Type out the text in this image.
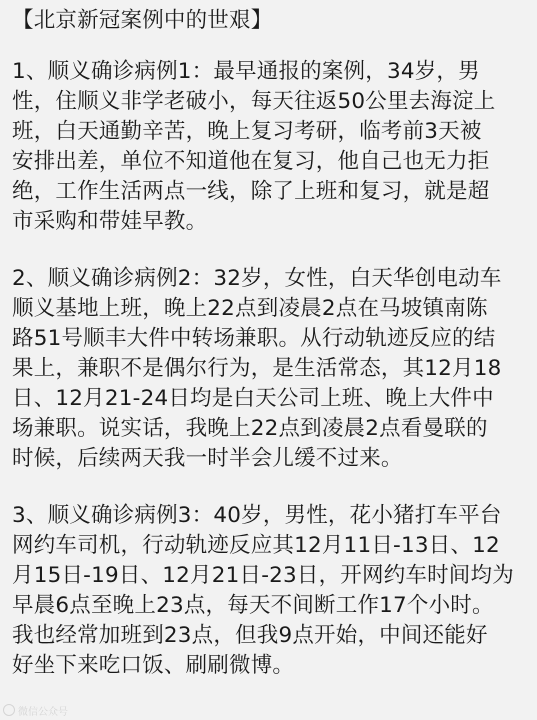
【北京新冠案例中的世艰】
1、顺义确诊病例1：最早通报的案例，34岁，男
性，住顺义非学老破小，每天往返50公里去海淀上
班，白天通勤辛苦，晚上复习考研，临考前3天被
安排出差，单位不知道他在复习，他自己也无力拒
绝，工作生活两点一线，除了上班和复习，就是超
市采购和带娃早教。
2、顺义确诊病例2：32岁，女性，白天华创电动车
顺义基地上班，晚上22点到凌晨2点在马坡镇南陈
路51号顺丰大件中转场兼职。从行动轨迹反应的结
果上，兼职不是偶尔行为，是生活常态，其12月18
日、12月21-24日均是白天公司上班、晚上大件中
场兼职。说实话，我晚上22点到凌晨2点看曼联的
时候，后续两天我一时半会儿缓不过来。
3、顺义确诊病例3：40岁，男性，花小猪打车平台
网约车司机，行动轨迹反应其12月11日-13日、12
月15日-19日、12月21日-23日，开网约车时间均为
早晨6点至晚上23点，每天不间断工作17个小时。
我也经常加班到23点，但我9点开始，中间还能好
好坐下来吃口饭、刷刷微博。
微信公众号
